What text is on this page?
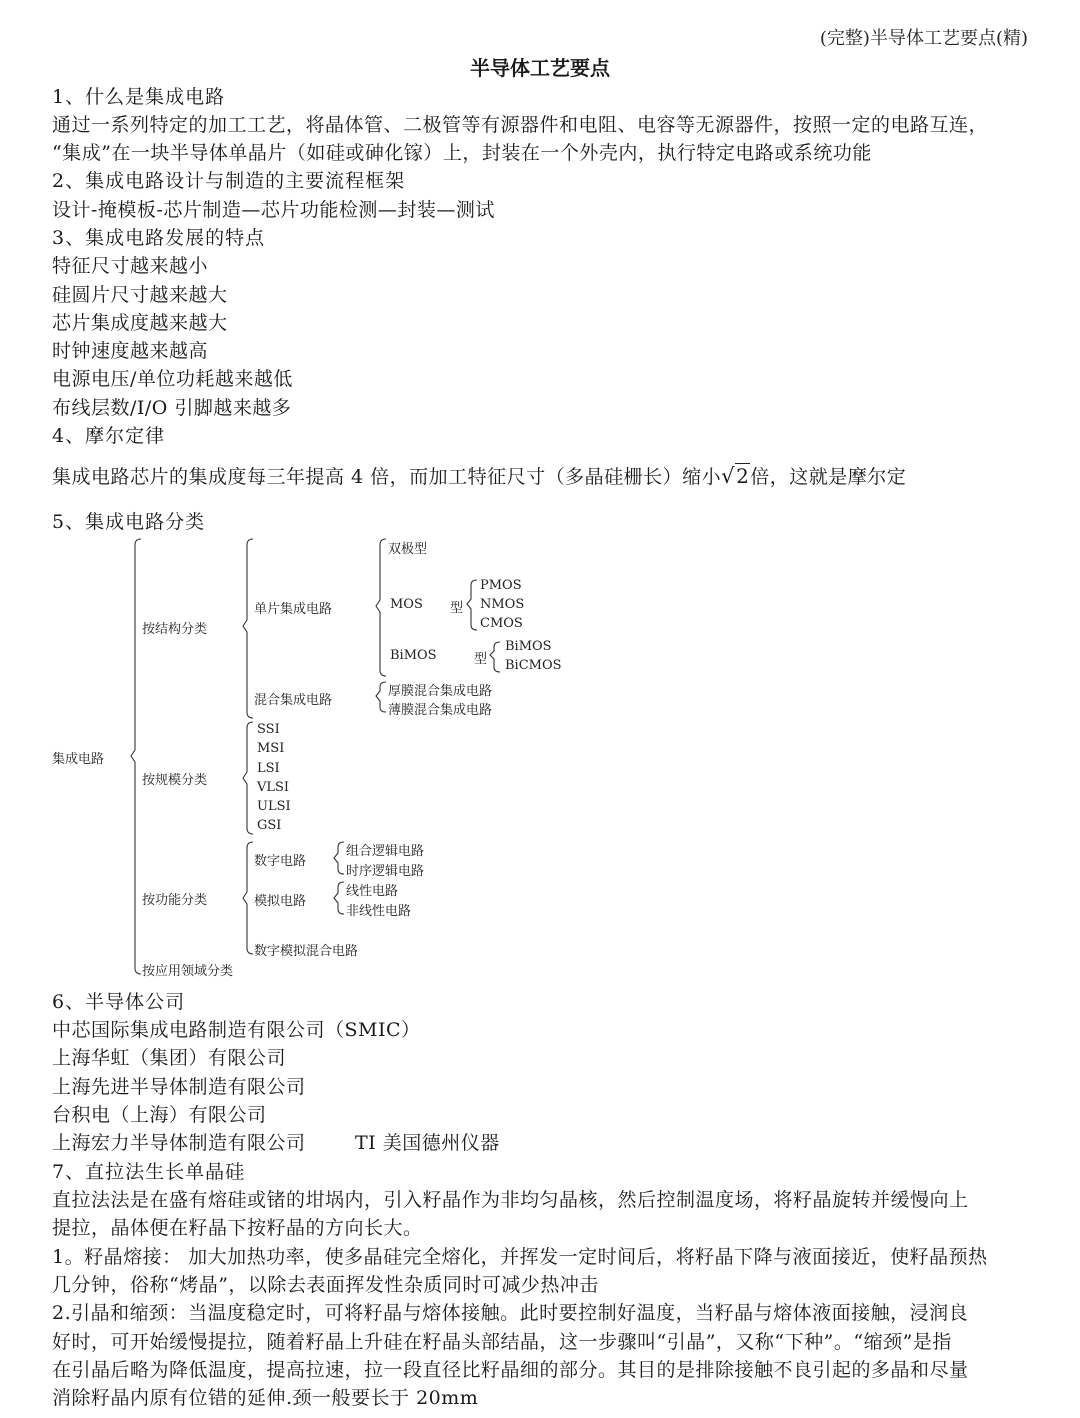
(完整)半导体工艺要点(精)
半导体工艺要点
1、什么是集成电路
通过一系列特定的加工工艺，将晶体管、二极管等有源器件和电阻、电容等无源器件，按照一定的电路互连，
“集成”在一块半导体单晶片（如硅或砷化镓）上，封装在一个外壳内，执行特定电路或系统功能
2、集成电路设计与制造的主要流程框架
设计-掩模板-芯片制造—芯片功能检测—封装—测试
3、集成电路发展的特点
特征尺寸越来越小
硅圆片尺寸越来越大
芯片集成度越来越大
时钟速度越来越高
电源电压/单位功耗越来越低
布线层数/I/O 引脚越来越多
4、摩尔定律
集成电路芯片的集成度每三年提高 4 倍，而加工特征尺寸（多晶硅栅长）缩小√2倍，这就是摩尔定
5、集成电路分类
集成电路
按结构分类
单片集成电路
双极型
MOS 型
PMOS
NMOS
CMOS
BiMOS	型
BiMOS
BiCMOS
混合集成电路
厚膜混合集成电路
薄膜混合集成电路
按规模分类
SSI
MSI
LSI
VLSI
ULSI
GSI
按功能分类
数字电路
组合逻辑电路
时序逻辑电路
模拟电路
线性电路
非线性电路
数字模拟混合电路
按应用领域分类
6、半导体公司
中芯国际集成电路制造有限公司（SMIC）
上海华虹（集团）有限公司
上海先进半导体制造有限公司
台积电（上海）有限公司
上海宏力半导体制造有限公司	TI 美国德州仪器
7、直拉法生长单晶硅
直拉法法是在盛有熔硅或锗的坩埚内，引入籽晶作为非均匀晶核，然后控制温度场，将籽晶旋转并缓慢向上
提拉，晶体便在籽晶下按籽晶的方向长大。
1。籽晶熔接： 加大加热功率，使多晶硅完全熔化，并挥发一定时间后，将籽晶下降与液面接近，使籽晶预热
几分钟，俗称“烤晶”，以除去表面挥发性杂质同时可减少热冲击
2.引晶和缩颈：当温度稳定时，可将籽晶与熔体接触。此时要控制好温度，当籽晶与熔体液面接触，浸润良
好时，可开始缓慢提拉，随着籽晶上升硅在籽晶头部结晶，这一步骤叫“引晶”，又称“下种”。“缩颈”是指
在引晶后略为降低温度，提高拉速，拉一段直径比籽晶细的部分。其目的是排除接触不良引起的多晶和尽量
消除籽晶内原有位错的延伸.颈一般要长于 20mm
